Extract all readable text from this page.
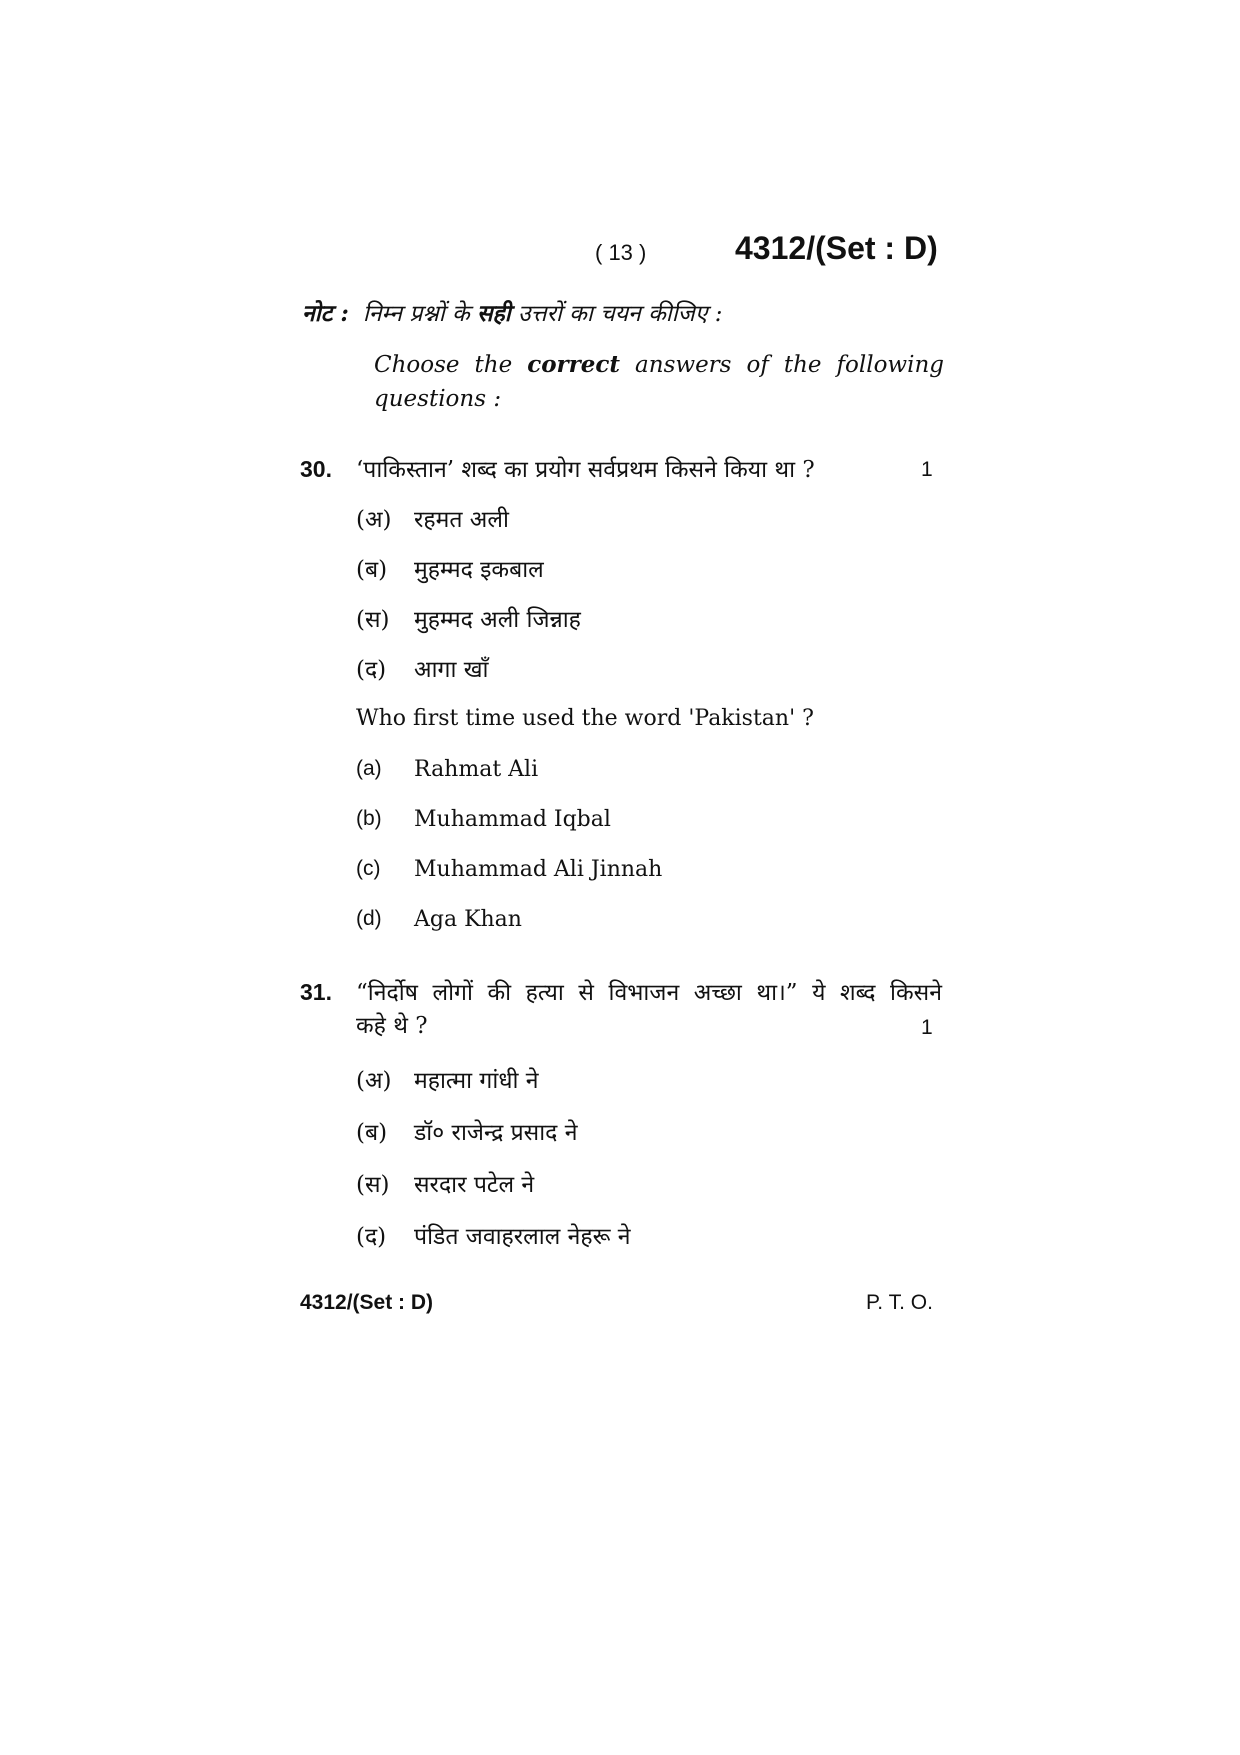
( 13 )	4312/(Set : D)
नोट : निम्न प्रश्नों के सही उत्तरों का चयन कीजिए :
Choose the correct answers of the following questions :
30. ‘पाकिस्तान’ शब्द का प्रयोग सर्वप्रथम किसने किया था ?	1
(अ) रहमत अली
(ब)	मुहम्मद इकबाल
(स)	मुहम्मद अली जिन्नाह
(द)	आगा खाँ
Who first time used the word 'Pakistan' ?
(a)	Rahmat Ali
(b)	Muhammad Iqbal
(c)	Muhammad Ali Jinnah
(d)	Aga Khan
31. “निर्दोष लोगों की हत्या से विभाजन अच्छा था।” ये शब्द किसने
कहे थे ?	1
(अ) महात्मा गांधी ने
(ब)	डॉ० राजेन्द्र प्रसाद ने
(स)	सरदार पटेल ने
(द)	पंडित जवाहरलाल नेहरू ने
4312/(Set : D)	P. T. O.
